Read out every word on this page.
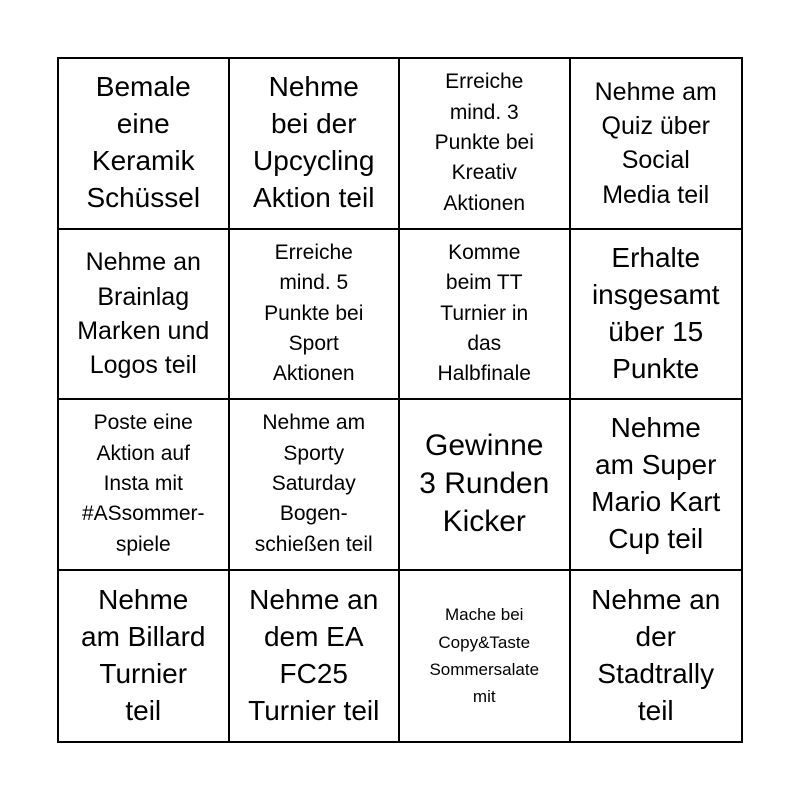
Bemale
eine
Keramik
Schüssel
Nehme
bei der
Upcycling
Aktion teil
Erreiche
mind. 3
Punkte bei
Kreativ
Aktionen
Nehme am
Quiz über
Social
Media teil
Nehme an
Brainlag
Marken und
Logos teil
Erreiche
mind. 5
Punkte bei
Sport
Aktionen
Komme
beim TT
Turnier in
das
Halbfinale
Erhalte
insgesamt
über 15
Punkte
Poste eine
Aktion auf
Insta mit
#ASsommer-
spiele
Nehme am
Sporty
Saturday
Bogen-
schießen teil
Gewinne
3 Runden
Kicker
Nehme
am Super
Mario Kart
Cup teil
Nehme
am Billard
Turnier
teil
Nehme an
dem EA
FC25
Turnier teil
Mache bei
Copy&Taste
Sommersalate
mit
Nehme an
der
Stadtrally
teil
